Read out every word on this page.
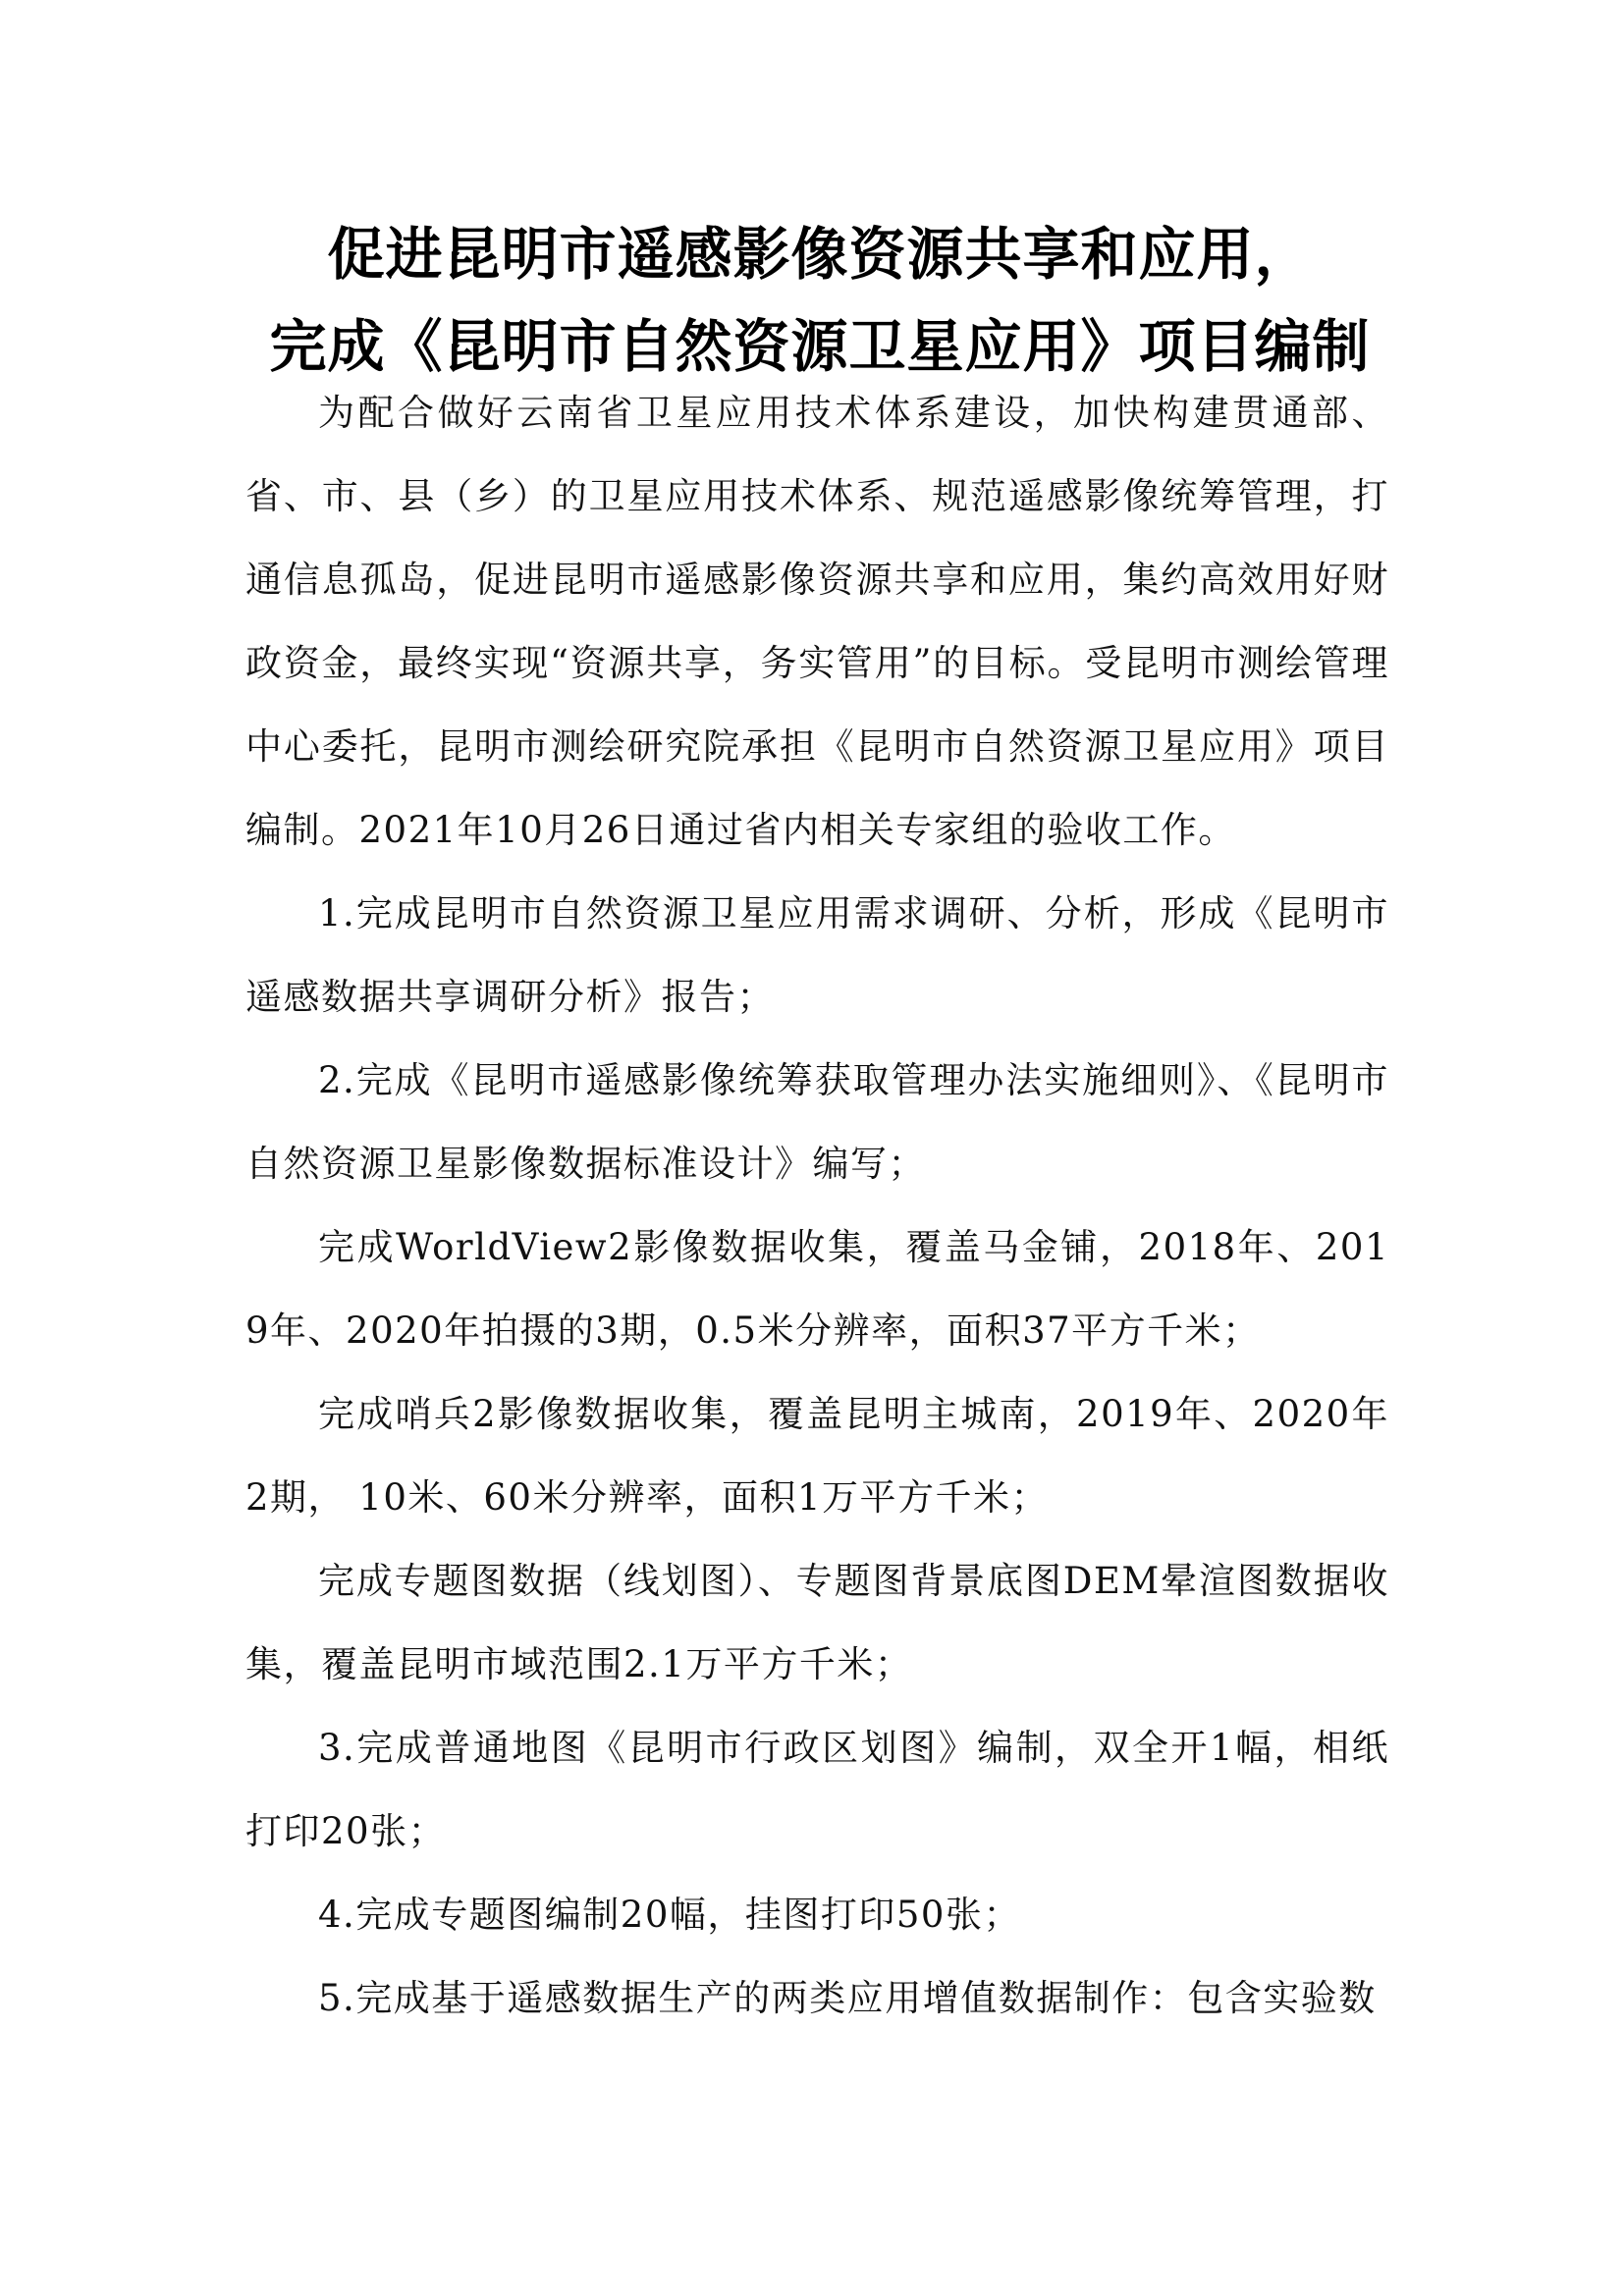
促进昆明市遥感影像资源共享和应用，
完成《昆明市自然资源卫星应用》项目编制

为配合做好云南省卫星应用技术体系建设，加快构建贯通部、省、市、县（乡）的卫星应用技术体系、规范遥感影像统筹管理，打通信息孤岛，促进昆明市遥感影像资源共享和应用，集约高效用好财政资金，最终实现“资源共享，务实管用”的目标。受昆明市测绘管理中心委托，昆明市测绘研究院承担《昆明市自然资源卫星应用》项目编制。2021年10月26日通过省内相关专家组的验收工作。

1.完成昆明市自然资源卫星应用需求调研、分析，形成《昆明市遥感数据共享调研分析》报告；

2.完成《昆明市遥感影像统筹获取管理办法实施细则》、《昆明市自然资源卫星影像数据标准设计》编写；

完成WorldView2影像数据收集，覆盖马金铺，2018年、2019年、2020年拍摄的3期，0.5米分辨率，面积37平方千米；

完成哨兵2影像数据收集，覆盖昆明主城南，2019年、2020年2期， 10米、60米分辨率，面积1万平方千米；

完成专题图数据（线划图）、专题图背景底图DEM晕渲图数据收集，覆盖昆明市域范围2.1万平方千米；

3.完成普通地图《昆明市行政区划图》编制，双全开1幅，相纸打印20张；

4.完成专题图编制20幅，挂图打印50张；

5.完成基于遥感数据生产的两类应用增值数据制作：包含实验数
